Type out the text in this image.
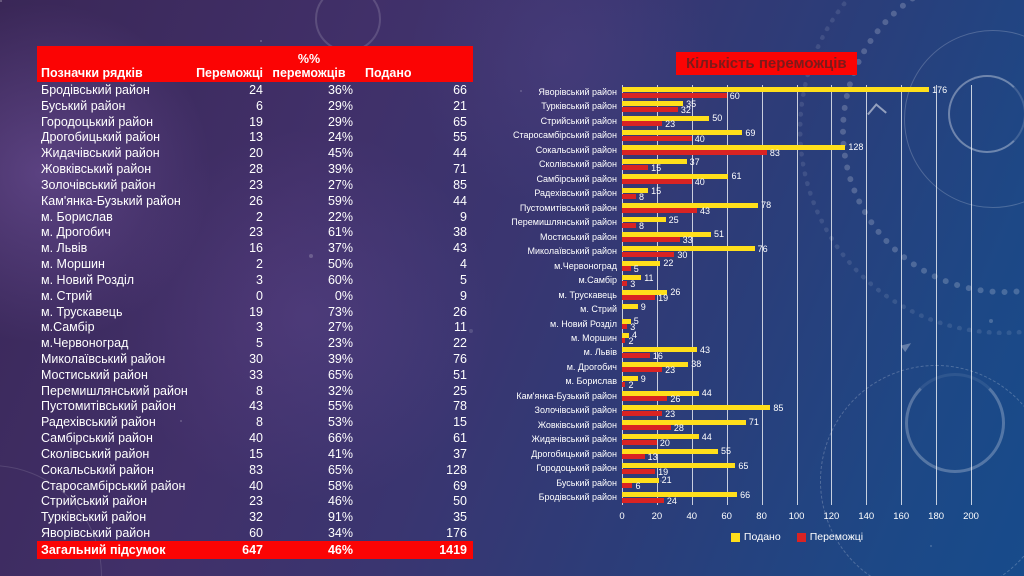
Позначки рядків	Переможці
%%
переможців	Подано
Бродівський район	24	36%	66
Буський район	6	29%	21
Городоцький район	19	29%	65
Дрогобицький район	13	24%	55
Жидачівський район	20	45%	44
Жовківський район	28	39%	71
Золочівський район	23	27%	85
Кам'янка-Бузький район	26	59%	44
м. Борислав	2	22%	9
м. Дрогобич	23	61%	38
м. Львів	16	37%	43
м. Моршин	2	50%	4
м. Новий Розділ	3	60%	5
м. Стрий	0	0%	9
м. Трускавець	19	73%	26
м.Самбір	3	27%	11
м.Червоноград	5	23%	22
Миколаївський район	30	39%	76
Мостиський район	33	65%	51
Перемишлянський район	8	32%	25
Пустомитівський район	43	55%	78
Радехівський район	8	53%	15
Самбірський район	40	66%	61
Сколівський район	15	41%	37
Сокальський район	83	65%	128
Старосамбірський район	40	58%	69
Стрийський район	23	46%	50
Турківський район	32	91%	35
Яворівський район	60	34%	176
Загальний підсумок	647	46%	1419
Кількість переможців
Яворівський район	176
60
Турківський район	35
32
Стрийський район	50
23
Старосамбірський район	69
40
Сокальський район	128
83
Сколівський район	37
15
Самбірський район	61
40
Радехівський район	15
8
Пустомитівський район	78
43
Перемишлянський район	25
8
Мостиський район	51
33
Миколаївський район	76
30
м.Червоноград	22
5
м.Самбір	11
3
м. Трускавець	26
19
м. Стрий	9
м. Новий Розділ	5
3
м. Моршин	4
2
м. Львів	43
16
м. Дрогобич	38
23
м. Борислав	9
2
Кам'янка-Бузький район	44
26
Золочівський район	85
23
Жовківський район	71
28
Жидачівський район	44
20
Дрогобицький район	55
13
Городоцький район	65
19
Буський район	21
6
Бродівський район	66
24
0	20	40	60	80 100 120 140 160 180 200
Подано	Переможці
